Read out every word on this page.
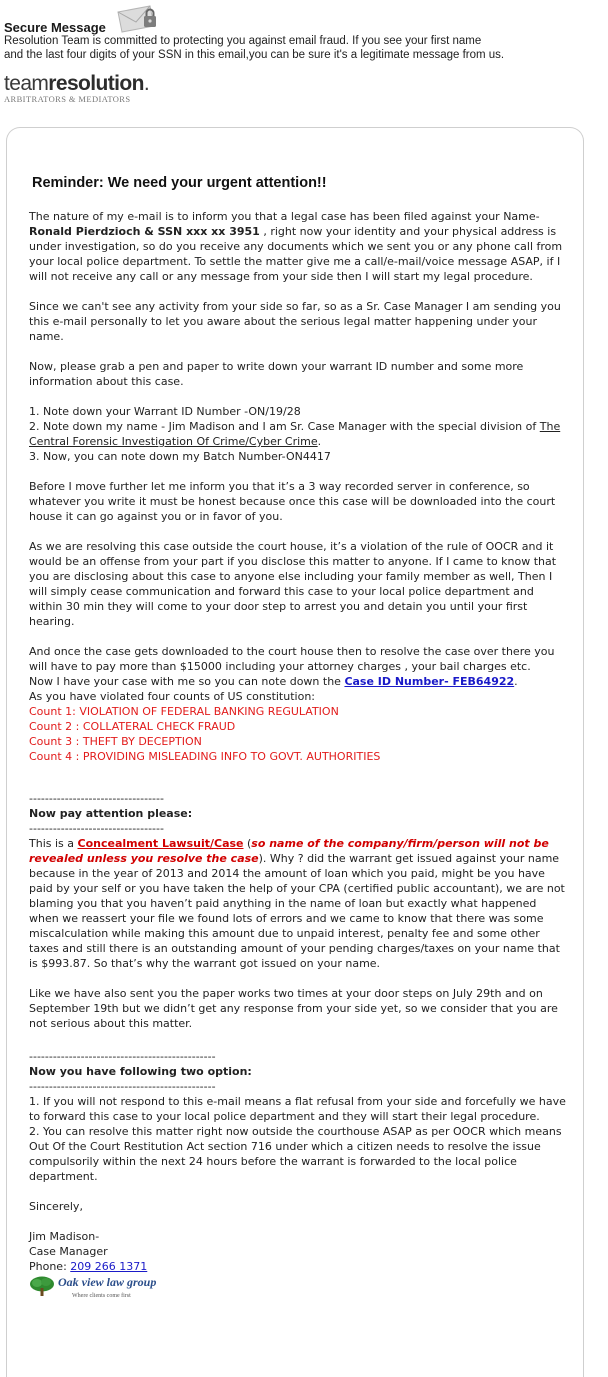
Secure Message
Resolution Team is committed to protecting you against email fraud. If you see your first name
and the last four digits of your SSN in this email,you can be sure it's a legitimate message from us.
teamresolution.
ARBITRATORS & MEDIATORS
Reminder: We need your urgent attention!!

The nature of my e-mail is to inform you that a legal case has been filed against your Name-Ronald Pierdzioch & SSN xxx xx 3951 , right now your identity and your physical address is under investigation, so do you receive any documents which we sent you or any phone call from your local police department. To settle the matter give me a call/e-mail/voice message ASAP, if I will not receive any call or any message from your side then I will start my legal procedure.

Since we can't see any activity from your side so far, so as a Sr. Case Manager I am sending you this e-mail personally to let you aware about the serious legal matter happening under your name.

Now, please grab a pen and paper to write down your warrant ID number and some more information about this case.

1. Note down your Warrant ID Number -ON/19/28
2. Note down my name - Jim Madison and I am Sr. Case Manager with the special division of The Central Forensic Investigation Of Crime/Cyber Crime.
3. Now, you can note down my Batch Number-ON4417

Before I move further let me inform you that it’s a 3 way recorded server in conference, so whatever you write it must be honest because once this case will be downloaded into the court house it can go against you or in favor of you.

As we are resolving this case outside the court house, it’s a violation of the rule of OOCR and it would be an offense from your part if you disclose this matter to anyone. If I came to know that you are disclosing about this case to anyone else including your family member as well, Then I will simply cease communication and forward this case to your local police department and within 30 min they will come to your door step to arrest you and detain you until your first hearing.

And once the case gets downloaded to the court house then to resolve the case over there you will have to pay more than $15000 including your attorney charges , your bail charges etc.
Now I have your case with me so you can note down the Case ID Number- FEB64922.
As you have violated four counts of US constitution:
Count 1: VIOLATION OF FEDERAL BANKING REGULATION
Count 2 : COLLATERAL CHECK FRAUD
Count 3 : THEFT BY DECEPTION
Count 4 : PROVIDING MISLEADING INFO TO GOVT. AUTHORITIES

----------------------------------
Now pay attention please:
----------------------------------

This is a Concealment Lawsuit/Case (so name of the company/firm/person will not be revealed unless you resolve the case). Why ? did the warrant get issued against your name because in the year of 2013 and 2014 the amount of loan which you paid, might be you have paid by your self or you have taken the help of your CPA (certified public accountant), we are not blaming you that you haven’t paid anything in the name of loan but exactly what happened when we reassert your file we found lots of errors and we came to know that there was some miscalculation while making this amount due to unpaid interest, penalty fee and some other taxes and still there is an outstanding amount of your pending charges/taxes on your name that is $993.87. So that’s why the warrant got issued on your name.

Like we have also sent you the paper works two times at your door steps on July 29th and on September 19th but we didn’t get any response from your side yet, so we consider that you are not serious about this matter.

-----------------------------------------------
Now you have following two option:
-----------------------------------------------

1. If you will not respond to this e-mail means a flat refusal from your side and forcefully we have to forward this case to your local police department and they will start their legal procedure.
2. You can resolve this matter right now outside the courthouse ASAP as per OOCR which means Out Of the Court Restitution Act section 716 under which a citizen needs to resolve the issue compulsorily within the next 24 hours before the warrant is forwarded to the local police department.

Sincerely,

Jim Madison-
Case Manager
Phone: 209 266 1371
Oak view law group
Where clients come first
